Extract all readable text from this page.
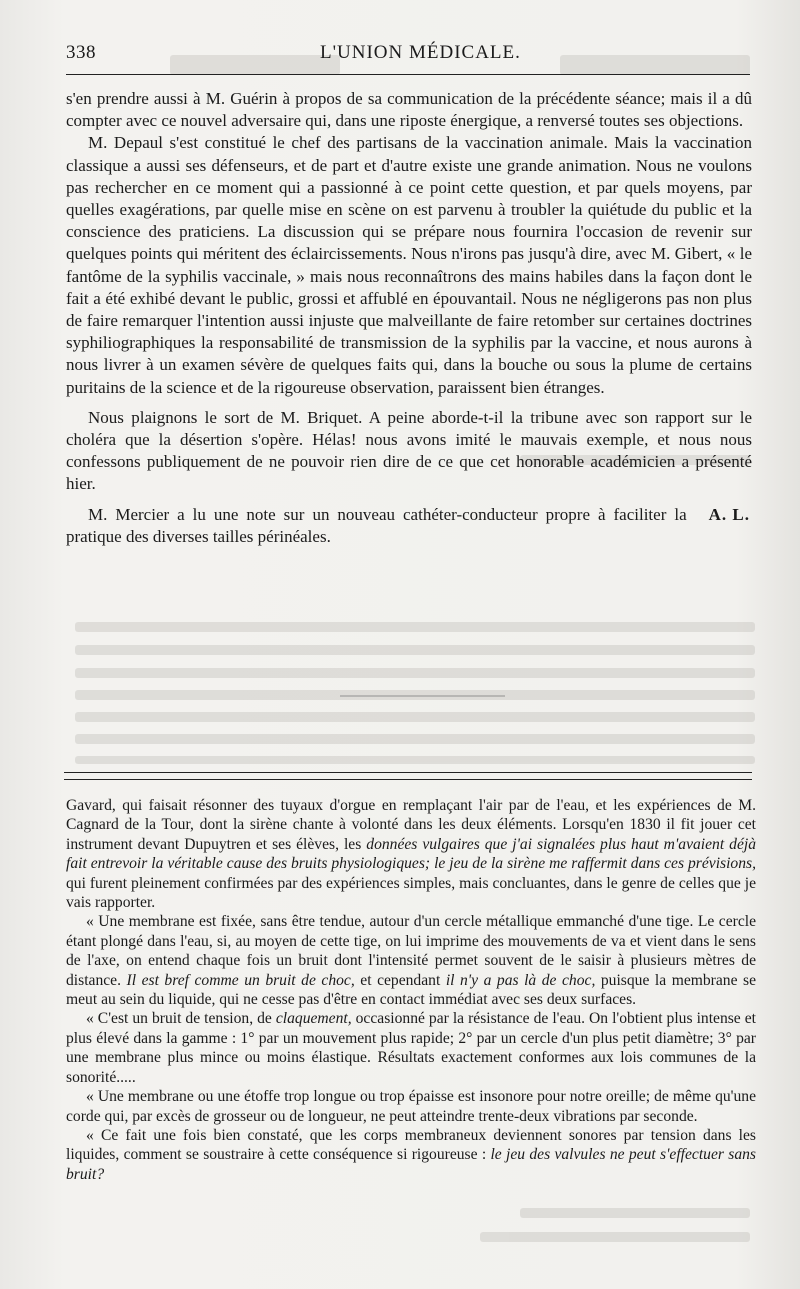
338	L'UNION MÉDICALE.

s'en prendre aussi à M. Guérin à propos de sa communication de la précédente séance; mais il a dû compter avec ce nouvel adversaire qui, dans une riposte énergique, a renversé toutes ses objections.

M. Depaul s'est constitué le chef des partisans de la vaccination animale. Mais la vaccination classique a aussi ses défenseurs, et de part et d'autre existe une grande animation. Nous ne voulons pas rechercher en ce moment qui a passionné à ce point cette question, et par quels moyens, par quelles exagérations, par quelle mise en scène on est parvenu à troubler la quiétude du public et la conscience des praticiens. La discussion qui se prépare nous fournira l'occasion de revenir sur quelques points qui méritent des éclaircissements. Nous n'irons pas jusqu'à dire, avec M. Gibert, « le fantôme de la syphilis vaccinale, » mais nous reconnaîtrons des mains habiles dans la façon dont le fait a été exhibé devant le public, grossi et affublé en épouvantail. Nous ne négligerons pas non plus de faire remarquer l'intention aussi injuste que malveillante de faire retomber sur certaines doctrines syphiliographiques la responsabilité de transmission de la syphilis par la vaccine, et nous aurons à nous livrer à un examen sévère de quelques faits qui, dans la bouche ou sous la plume de certains puritains de la science et de la rigoureuse observation, paraissent bien étranges.

Nous plaignons le sort de M. Briquet. A peine aborde-t-il la tribune avec son rapport sur le choléra que la désertion s'opère. Hélas! nous avons imité le mauvais exemple, et nous nous confessons publiquement de ne pouvoir rien dire de ce que cet honorable académicien a présenté hier.

A. L.
M. Mercier a lu une note sur un nouveau cathéter-conducteur propre à faciliter la pratique des diverses tailles périnéales.

Gavard, qui faisait résonner des tuyaux d'orgue en remplaçant l'air par de l'eau, et les expériences de M. Cagnard de la Tour, dont la sirène chante à volonté dans les deux éléments. Lorsqu'en 1830 il fit jouer cet instrument devant Dupuytren et ses élèves, les données vulgaires que j'ai signalées plus haut m'avaient déjà fait entrevoir la véritable cause des bruits physiologiques; le jeu de la sirène me raffermit dans ces prévisions, qui furent pleinement confirmées par des expériences simples, mais concluantes, dans le genre de celles que je vais rapporter.

« Une membrane est fixée, sans être tendue, autour d'un cercle métallique emmanché d'une tige. Le cercle étant plongé dans l'eau, si, au moyen de cette tige, on lui imprime des mouvements de va et vient dans le sens de l'axe, on entend chaque fois un bruit dont l'intensité permet souvent de le saisir à plusieurs mètres de distance. Il est bref comme un bruit de choc, et cependant il n'y a pas là de choc, puisque la membrane se meut au sein du liquide, qui ne cesse pas d'être en contact immédiat avec ses deux surfaces.

« C'est un bruit de tension, de claquement, occasionné par la résistance de l'eau. On l'obtient plus intense et plus élevé dans la gamme : 1° par un mouvement plus rapide; 2° par un cercle d'un plus petit diamètre; 3° par une membrane plus mince ou moins élastique. Résultats exactement conformes aux lois communes de la sonorité.....

« Une membrane ou une étoffe trop longue ou trop épaisse est insonore pour notre oreille; de même qu'une corde qui, par excès de grosseur ou de longueur, ne peut atteindre trente-deux vibrations par seconde.

« Ce fait une fois bien constaté, que les corps membraneux deviennent sonores par tension dans les liquides, comment se soustraire à cette conséquence si rigoureuse : le jeu des valvules ne peut s'effectuer sans bruit?
